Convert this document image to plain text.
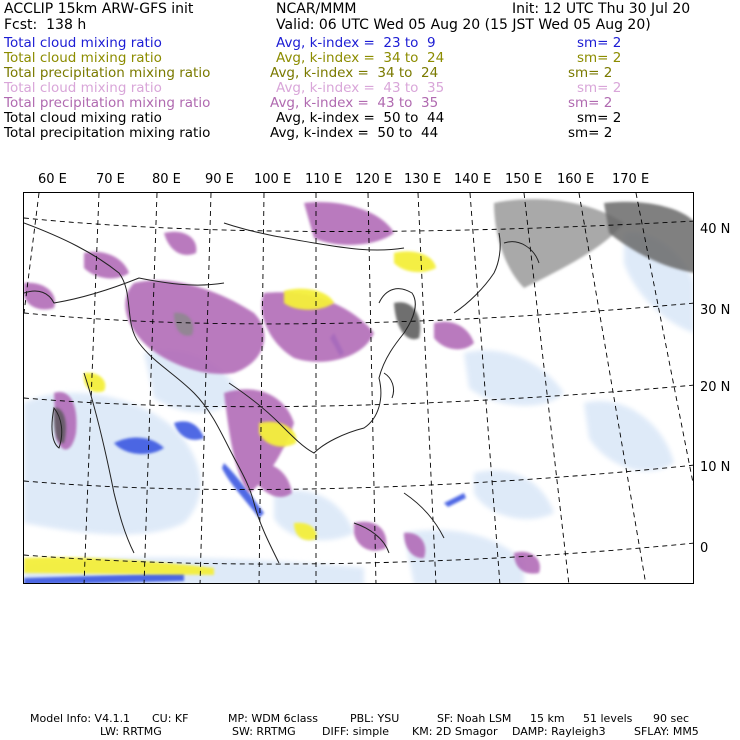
ACCLIP 15km ARW-GFS init	NCAR/MMM	Init: 12 UTC Thu 30 Jul 20
Fcst:  138 h	Valid: 06 UTC Wed 05 Aug 20 (15 JST Wed 05 Aug 20)
Total cloud mixing ratio	Avg, k-index =  23 to  9	sm= 2
Total cloud mixing ratio	Avg, k-index =  34 to  24	sm= 2
Total precipitation mixing ratio	Avg, k-index =  34 to  24	sm= 2
Total cloud mixing ratio	Avg, k-index =  43 to  35	sm= 2
Total precipitation mixing ratio	Avg, k-index =  43 to  35	sm= 2
Total cloud mixing ratio	Avg, k-index =  50 to  44	sm= 2
Total precipitation mixing ratio	Avg, k-index =  50 to  44	sm= 2
60 E 70 E 80 E 90 E 100 E 110 E 120 E 130 E 140 E 150 E 160 E 170 E
40 N
30 N
20 N
10 N
0
Model Info: V4.1.1 CU: KF	MP: WDM 6class	PBL: YSU	SF: Noah LSM 15 km 51 levels 90 sec
LW: RRTMG	SW: RRTMG DIFF: simple KM: 2D Smagor DAMP: Rayleigh3	SFLAY: MM5
